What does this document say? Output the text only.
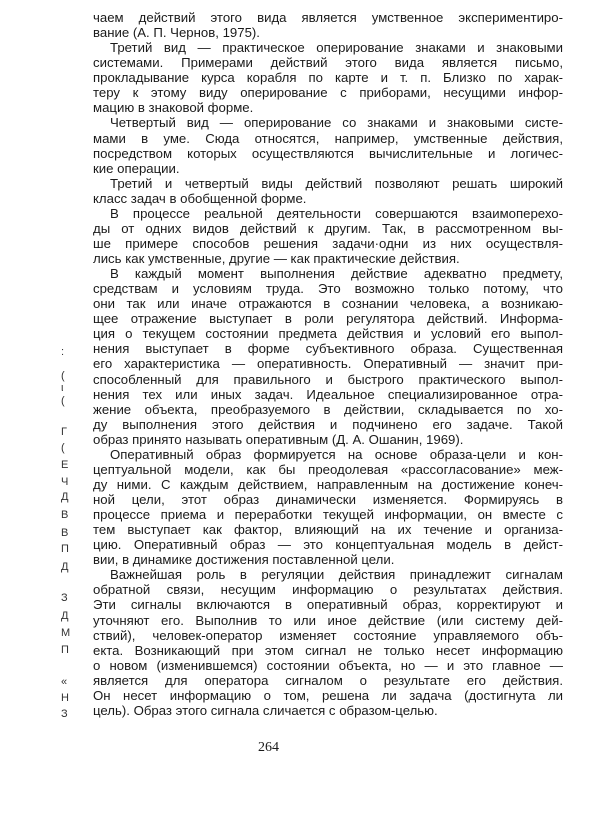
:
(
ι
(
Г
(
Е
Ч
Д
В
В
П
Д
З
Д
М
П
«
Н
З
чаем действий этого вида является умственное экспериментиро-
вание (А. П. Чернов, 1975).
Третий вид — практическое оперирование знаками и знаковыми
системами. Примерами действий этого вида является письмо,
прокладывание курса корабля по карте и т. п. Близко по харак-
теру к этому виду оперирование с приборами, несущими инфор-
мацию в знаковой форме.
Четвертый вид — оперирование со знаками и знаковыми систе-
мами в уме. Сюда относятся, например, умственные действия,
посредством которых осуществляются вычислительные и логичес-
кие операции.
Третий и четвертый виды действий позволяют решать широкий
класс задач в обобщенной форме.
В процессе реальной деятельности совершаются взаимоперехо-
ды от одних видов действий к другим. Так, в рассмотренном вы-
ше примере способов решения задачи·одни из них осуществля-
лись как умственные, другие — как практические действия.
В каждый момент выполнения действие адекватно предмету,
средствам и условиям труда. Это возможно только потому, что
они так или иначе отражаются в сознании человека, а возникаю-
щее отражение выступает в роли регулятора действий. Информа-
ция о текущем состоянии предмета действия и условий его выпол-
нения выступает в форме субъективного образа. Существенная
его характеристика — оперативность. Оперативный — значит при-
способленный для правильного и быстрого практического выпол-
нения тех или иных задач. Идеальное специализированное отра-
жение объекта, преобразуемого в действии, складывается по хо-
ду выполнения этого действия и подчинено его задаче. Такой
образ принято называть оперативным (Д. А. Ошанин, 1969).
Оперативный образ формируется на основе образа-цели и кон-
цептуальной модели, как бы преодолевая «рассогласование» меж-
ду ними. С каждым действием, направленным на достижение конеч-
ной цели, этот образ динамически изменяется. Формируясь в
процессе приема и переработки текущей информации, он вместе с
тем выступает как фактор, влияющий на их течение и организа-
цию. Оперативный образ — это концептуальная модель в дейст-
вии, в динамике достижения поставленной цели.
Важнейшая роль в регуляции действия принадлежит сигналам
обратной связи, несущим информацию о результатах действия.
Эти сигналы включаются в оперативный образ, корректируют и
уточняют его. Выполнив то или иное действие (или систему дей-
ствий), человек-оператор изменяет состояние управляемого объ-
екта. Возникающий при этом сигнал не только несет информацию
о новом (изменившемся) состоянии объекта, но — и это главное —
является для оператора сигналом о результате его действия.
Он несет информацию о том, решена ли задача (достигнута ли
цель). Образ этого сигнала сличается с образом-целью.
264
